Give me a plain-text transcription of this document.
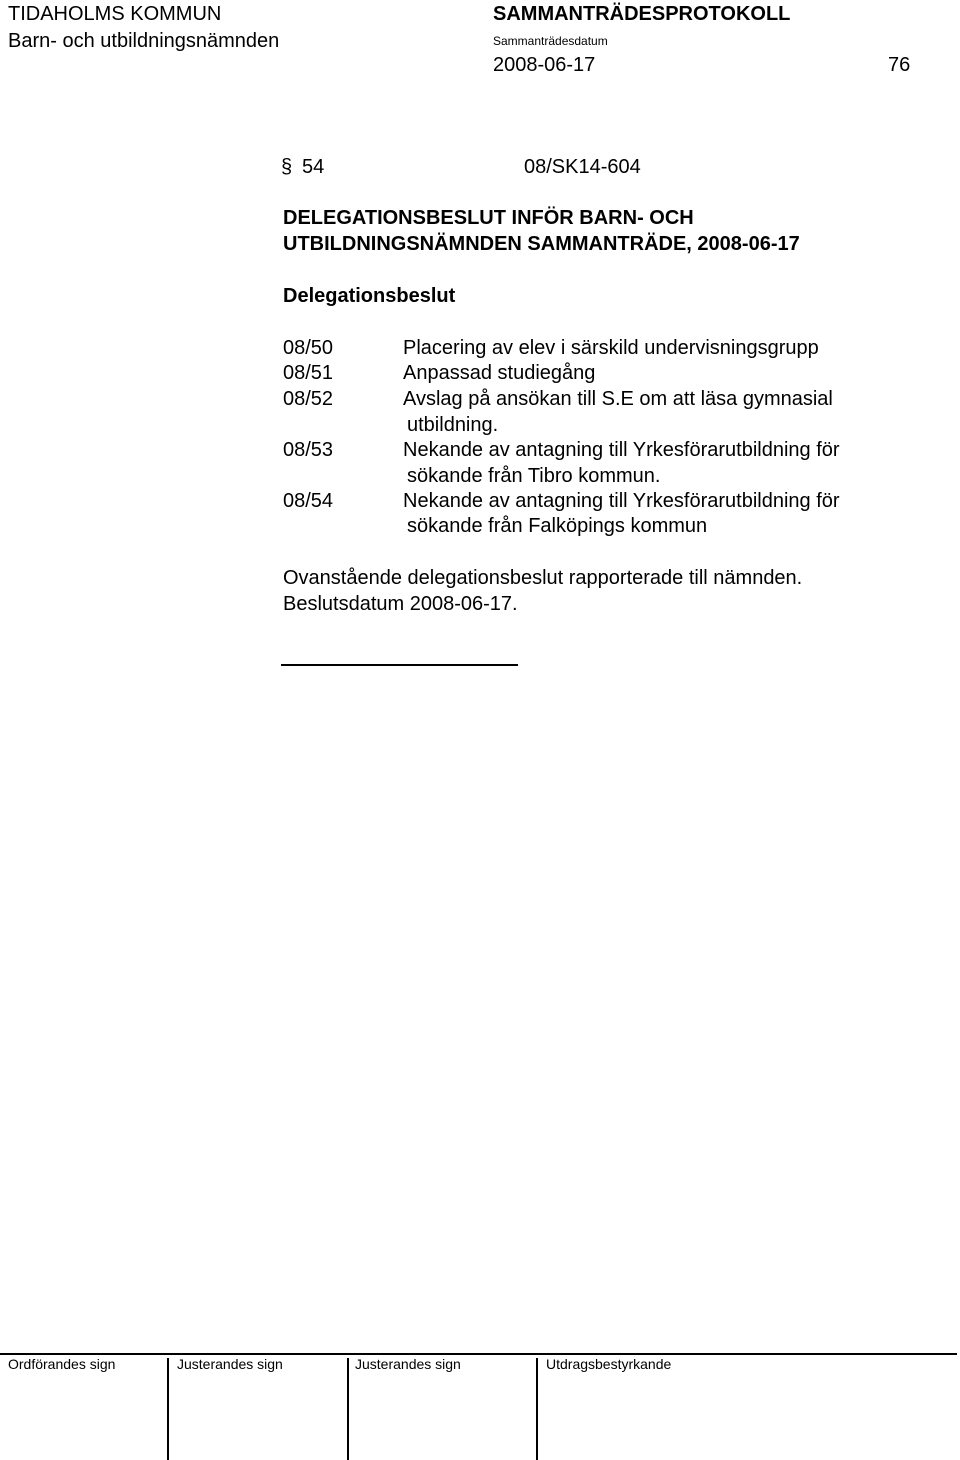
TIDAHOLMS KOMMUN
Barn- och utbildningsnämnden
SAMMANTRÄDESPROTOKOLL
Sammanträdesdatum
2008-06-17	76
§ 54	08/SK14-604
DELEGATIONSBESLUT INFÖR BARN- OCH
UTBILDNINGSNÄMNDEN SAMMANTRÄDE, 2008-06-17
Delegationsbeslut
08/50	Placering av elev i särskild undervisningsgrupp
08/51	Anpassad studiegång
08/52	Avslag på ansökan till S.E om att läsa gymnasial
utbildning.
08/53	Nekande av antagning till Yrkesförarutbildning för
sökande från Tibro kommun.
08/54	Nekande av antagning till Yrkesförarutbildning för
sökande från Falköpings kommun
Ovanstående delegationsbeslut rapporterade till nämnden.
Beslutsdatum 2008-06-17.
Ordförandes sign	Justerandes sign	Justerandes sign	Utdragsbestyrkande
